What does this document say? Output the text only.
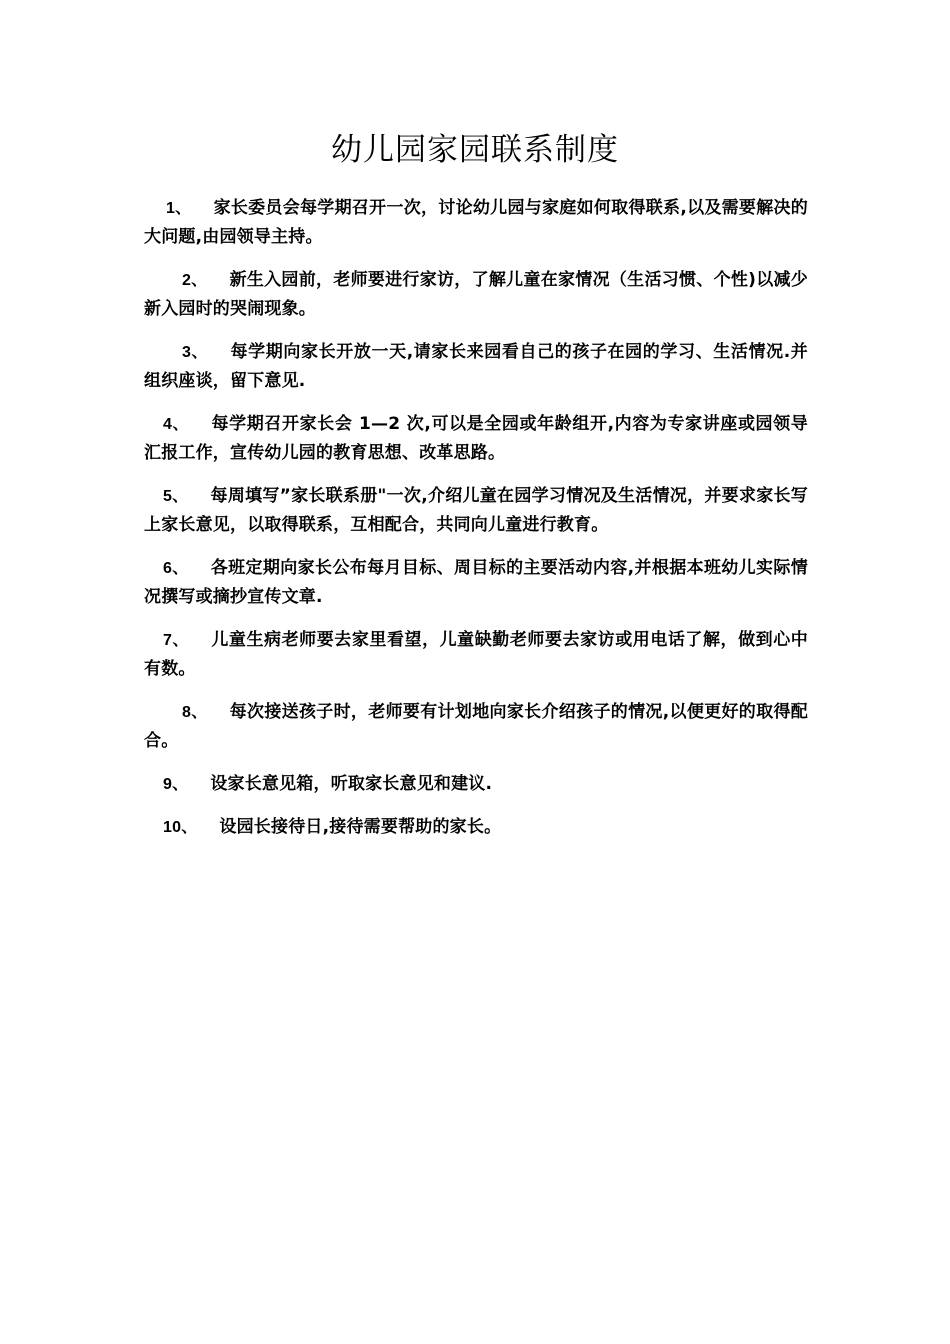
幼儿园家园联系制度
1、 家长委员会每学期召开一次，讨论幼儿园与家庭如何取得联系,以及需要解决的大问题,由园领导主持。
2、 新生入园前，老师要进行家访，了解儿童在家情况（生活习惯、个性)以减少新入园时的哭闹现象。
3、 每学期向家长开放一天,请家长来园看自己的孩子在园的学习、生活情况.并组织座谈，留下意见.
4、 每学期召开家长会 1—2 次,可以是全园或年龄组开,内容为专家讲座或园领导汇报工作，宣传幼儿园的教育思想、改革思路。
5、 每周填写”家长联系册"一次,介绍儿童在园学习情况及生活情况，并要求家长写上家长意见，以取得联系，互相配合，共同向儿童进行教育。
6、 各班定期向家长公布每月目标、周目标的主要活动内容,并根据本班幼儿实际情况撰写或摘抄宣传文章.
7、 儿童生病老师要去家里看望，儿童缺勤老师要去家访或用电话了解，做到心中有数。
8、 每次接送孩子时，老师要有计划地向家长介绍孩子的情况,以便更好的取得配合。
9、 设家长意见箱，听取家长意见和建议.
10、 设园长接待日,接待需要帮助的家长。
